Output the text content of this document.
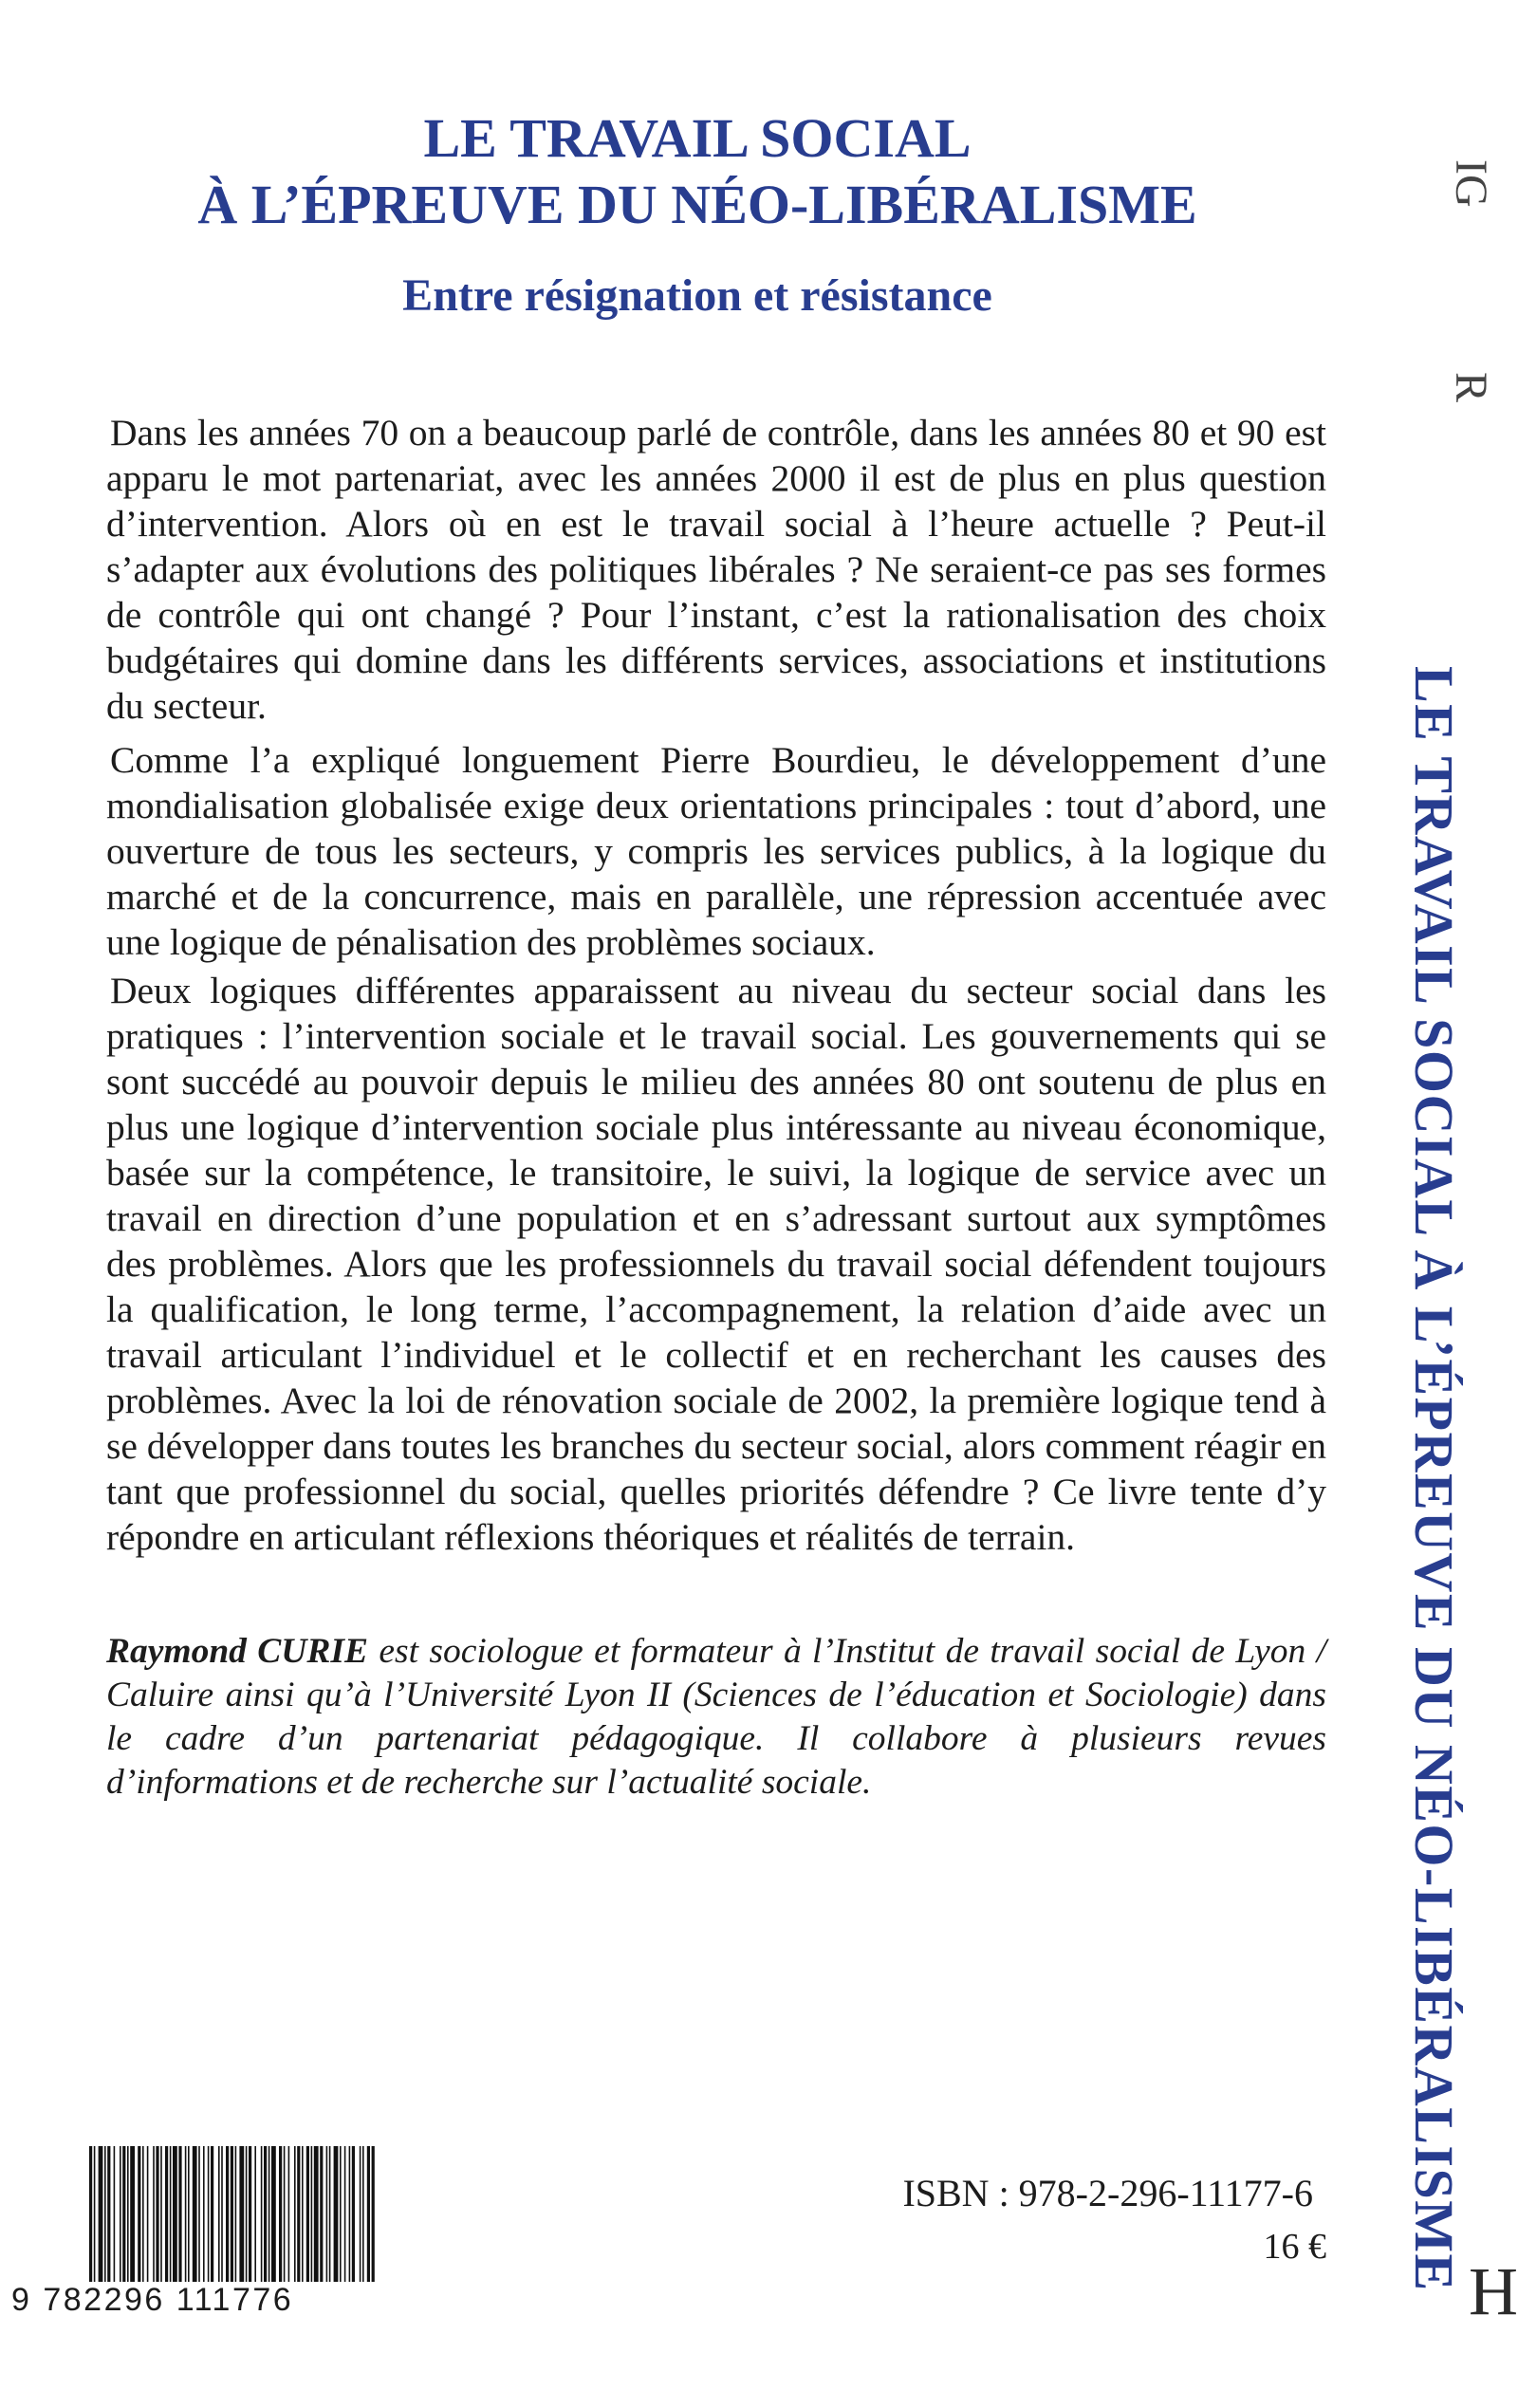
LE TRAVAIL SOCIAL
À L’ÉPREUVE DU NÉO-LIBÉRALISME
Entre résignation et résistance
Dans les années 70 on a beaucoup parlé de contrôle, dans les années 80 et 90 est apparu le mot partenariat, avec les années 2000 il est de plus en plus question d’intervention. Alors où en est le travail social à l’heure actuelle ? Peut-il s’adapter aux évolutions des politiques libérales ? Ne seraient-ce pas ses formes de contrôle qui ont changé ? Pour l’instant, c’est la rationalisation des choix budgétaires qui domine dans les différents services, associations et institutions du secteur.
Comme l’a expliqué longuement Pierre Bourdieu, le développement d’une mondialisation globalisée exige deux orientations principales : tout d’abord, une ouverture de tous les secteurs, y compris les services publics, à la logique du marché et de la concurrence, mais en parallèle, une répression accentuée avec une logique de pénalisation des problèmes sociaux.
Deux logiques différentes apparaissent au niveau du secteur social dans les pratiques : l’intervention sociale et le travail social. Les gouvernements qui se sont succédé au pouvoir depuis le milieu des années 80 ont soutenu de plus en plus une logique d’intervention sociale plus intéressante au niveau économique, basée sur la compétence, le transitoire, le suivi, la logique de service avec un travail en direction d’une population et en s’adressant surtout aux symptômes des problèmes. Alors que les professionnels du travail social défendent toujours la qualification, le long terme, l’accompagnement, la relation d’aide avec un travail articulant l’individuel et le collectif et en recherchant les causes des problèmes. Avec la loi de rénovation sociale de 2002, la première logique tend à se développer dans toutes les branches du secteur social, alors comment réagir en tant que professionnel du social, quelles priorités défendre ? Ce livre tente d’y répondre en articulant réflexions théoriques et réalités de terrain.

Raymond CURIE est sociologue et formateur à l’Institut de travail social de Lyon / Caluire ainsi qu’à l’Université Lyon II (Sciences de l’éducation et Sociologie) dans le cadre d’un partenariat pédagogique. Il collabore à plusieurs revues d’informations et de recherche sur l’actualité sociale.

9 782296 111776
ISBN : 978-2-296-11177-6
16 € LE TRAVAIL SOCIAL À L’ÉPREUVE DU NÉO-LIBÉRALISME
IG
R
H
